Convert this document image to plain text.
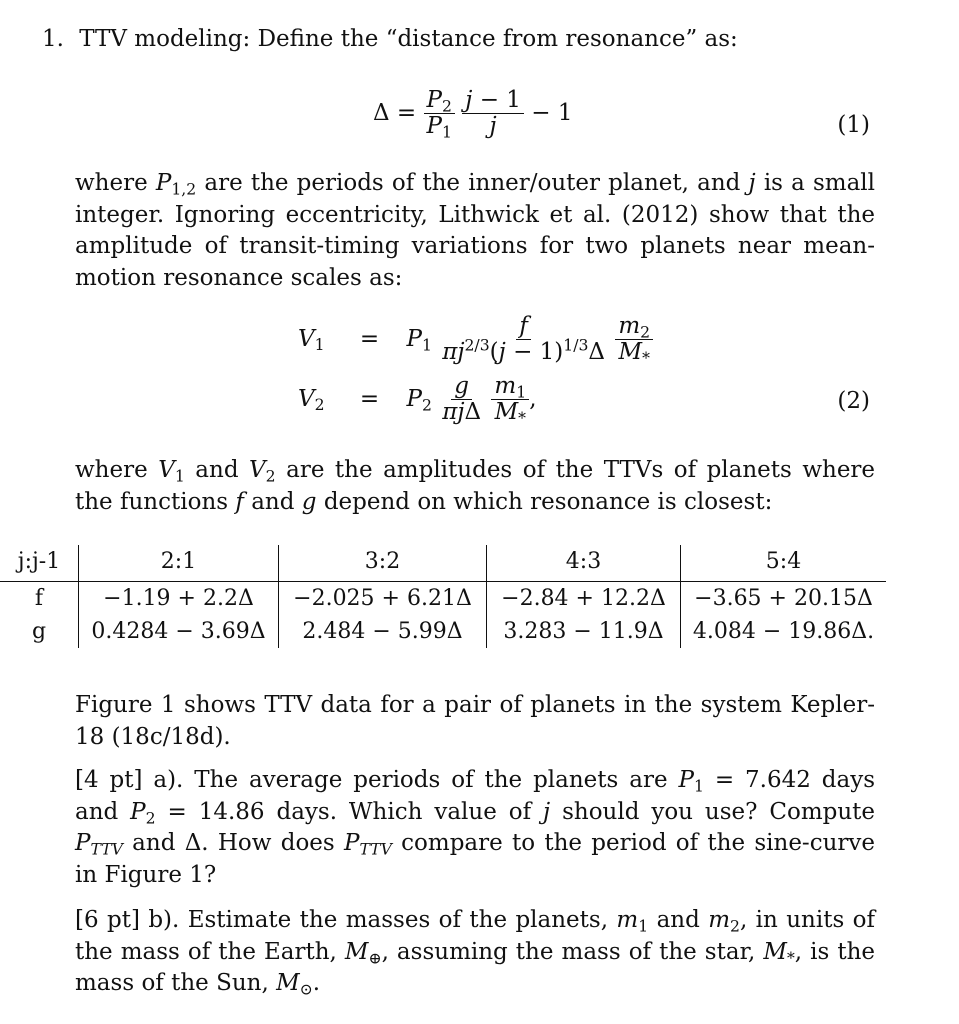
1. TTV modeling: Define the “distance from resonance” as:
$\Delta = \frac{P_2}{P_1}$
$\frac{j - 1}{j} - 1$	(1)
where $P_{1,2}$ are the periods of the inner/outer planet, and j is a small integer. Ignoring eccentricity, Lithwick et al. (2012) show that the amplitude of transit-timing variations for two planets near mean-motion resonance scales as:
$V_1 = P_1 \frac{f}{\pi j^{2/3}(j - 1)^{1/3}\Delta}$
$\frac{m_2}{M_*}$
$V_2 = P_2 \frac{g}{\text{πjΔ}}$
$\frac{m_1}{M_*}$ ,	(2)
where $V_1$ and $V_2$ are the amplitudes of the TTVs of planets where the functions f and g depend on which resonance is closest:
j:j-1	2:1	3:2	4:3	5:4
f	−1.19 + 2.2Δ	−2.025 + 6.21Δ	−2.84 + 12.2Δ	−3.65 + 20.15Δ
g	0.4284 − 3.69Δ	2.484 − 5.99Δ	3.283 − 11.9Δ	4.084 − 19.86Δ.
Figure 1 shows TTV data for a pair of planets in the system Kepler-18 (18c/18d).
[4 pt] a). The average periods of the planets are $P_1 = 7.642$ days and $P_2 = 14.86$ days. Which value of j should you use? Compute $P_{TTV}$ and Δ. How does $P_{TTV}$ compare to the period of the sine-curve in Figure 1?
[6 pt] b). Estimate the masses of the planets, $m_1$ and $m_2$, in units of the mass of the Earth, $M_\oplus$, assuming the mass of the star, $M_*$, is the mass of the Sun, $M_⊙$.
